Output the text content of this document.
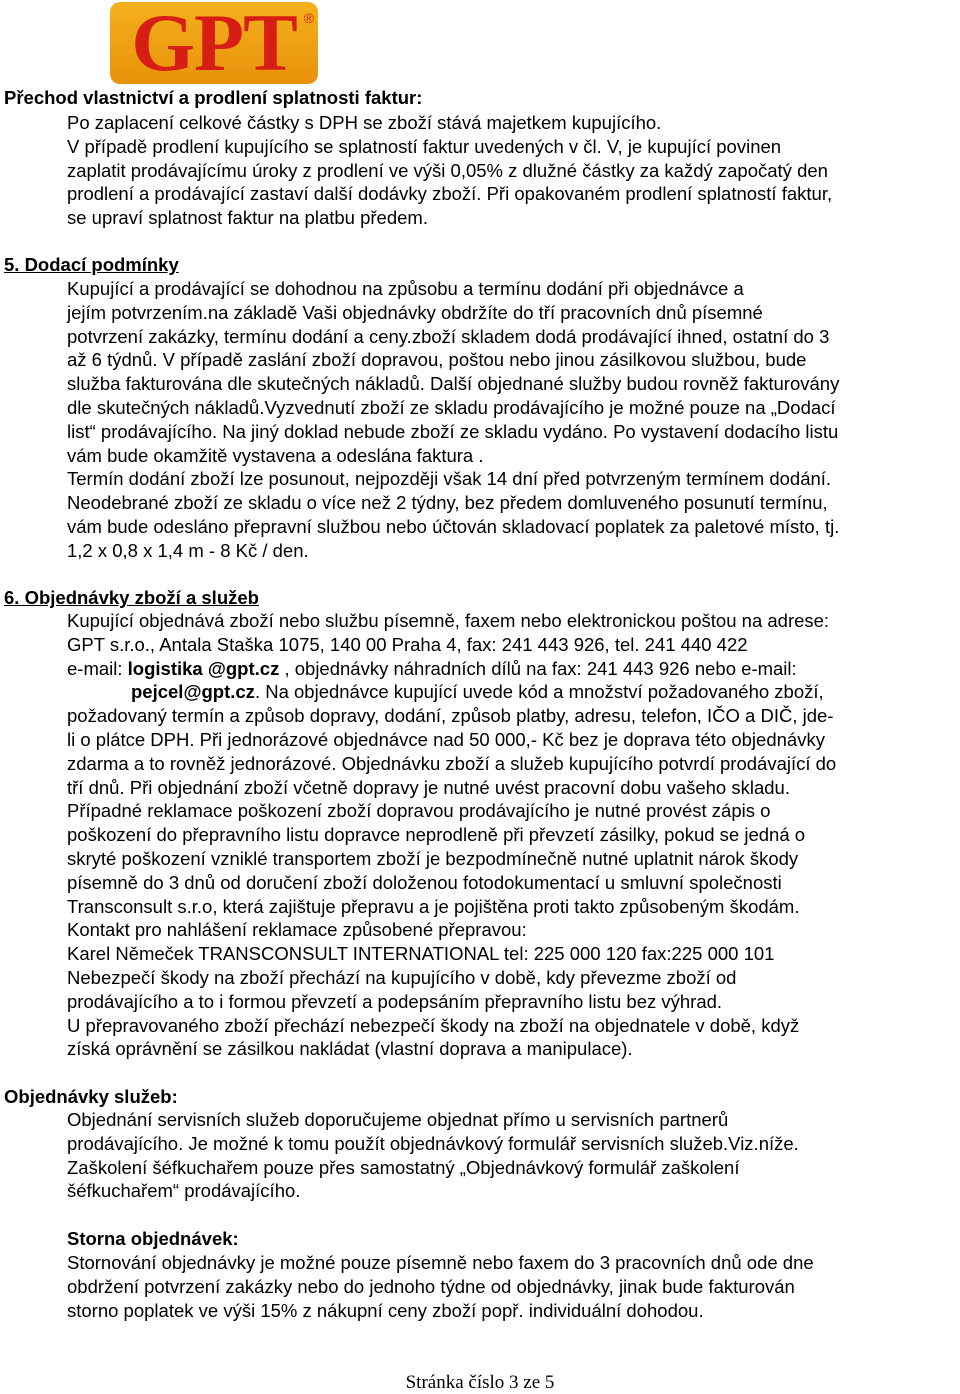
GPT ®
Přechod vlastnictví a prodlení splatnosti faktur:
Po zaplacení celkové částky s DPH se zboží stává majetkem kupujícího.
V případě prodlení kupujícího se splatností faktur uvedených v čl. V, je kupující povinen
zaplatit prodávajícímu úroky z prodlení ve výši 0,05% z dlužné částky za každý započatý den
prodlení a prodávající zastaví další dodávky zboží. Při opakovaném prodlení splatností faktur,
se upraví splatnost faktur na platbu předem.
5. Dodací podmínky
Kupující a prodávající se dohodnou na způsobu a termínu dodání při objednávce a
jejím potvrzením.na základě Vaši objednávky obdržíte do tří pracovních dnů písemné
potvrzení zakázky, termínu dodání a ceny.zboží skladem dodá prodávající ihned, ostatní do 3
až 6 týdnů. V případě zaslání zboží dopravou, poštou nebo jinou zásilkovou službou, bude
služba fakturována dle skutečných nákladů. Další objednané služby budou rovněž fakturovány
dle skutečných nákladů.Vyzvednutí zboží ze skladu prodávajícího je možné pouze na „Dodací
list“ prodávajícího. Na jiný doklad nebude zboží ze skladu vydáno. Po vystavení dodacího listu
vám bude okamžitě vystavena a odeslána faktura .
Termín dodání zboží lze posunout, nejpozději však 14 dní před potvrzeným termínem dodání.
Neodebrané zboží ze skladu o více než 2 týdny, bez předem domluveného posunutí termínu,
vám bude odesláno přepravní službou nebo účtován skladovací poplatek za paletové místo, tj.
1,2 x 0,8 x 1,4 m - 8 Kč / den.
6. Objednávky zboží a služeb
Kupující objednává zboží nebo službu písemně, faxem nebo elektronickou poštou na adrese:
GPT s.r.o., Antala Staška 1075, 140 00 Praha 4, fax: 241 443 926, tel. 241 440 422
e-mail: logistika @gpt.cz , objednávky náhradních dílů na fax: 241 443 926 nebo e-mail:
pejcel@gpt.cz. Na objednávce kupující uvede kód a množství požadovaného zboží,
požadovaný termín a způsob dopravy, dodání, způsob platby, adresu, telefon, IČO a DIČ, jde-
li o plátce DPH. Při jednorázové objednávce nad 50 000,- Kč bez je doprava této objednávky
zdarma a to rovněž jednorázové. Objednávku zboží a služeb kupujícího potvrdí prodávající do
tří dnů. Při objednání zboží včetně dopravy je nutné uvést pracovní dobu vašeho skladu.
Případné reklamace poškození zboží dopravou prodávajícího je nutné provést zápis o
poškození do přepravního listu dopravce neprodleně při převzetí zásilky, pokud se jedná o
skryté poškození vzniklé transportem zboží je bezpodmínečně nutné uplatnit nárok škody
písemně do 3 dnů od doručení zboží doloženou fotodokumentací u smluvní společnosti
Transconsult s.r.o, která zajištuje přepravu a je pojištěna proti takto způsobeným škodám.
Kontakt pro nahlášení reklamace způsobené přepravou:
Karel Němeček TRANSCONSULT INTERNATIONAL tel: 225 000 120 fax:225 000 101
Nebezpečí škody na zboží přechází na kupujícího v době, kdy převezme zboží od
prodávajícího a to i formou převzetí a podepsáním přepravního listu bez výhrad.
U přepravovaného zboží přechází nebezpečí škody na zboží na objednatele v době, když
získá oprávnění se zásilkou nakládat (vlastní doprava a manipulace).
Objednávky služeb:
Objednání servisních služeb doporučujeme objednat přímo u servisních partnerů
prodávajícího. Je možné k tomu použít objednávkový formulář servisních služeb.Viz.níže.
Zaškolení šéfkuchařem pouze přes samostatný „Objednávkový formulář zaškolení
šéfkuchařem“ prodávajícího.
Storna objednávek:
Stornování objednávky je možné pouze písemně nebo faxem do 3 pracovních dnů ode dne
obdržení potvrzení zakázky nebo do jednoho týdne od objednávky, jinak bude fakturován
storno poplatek ve výši 15% z nákupní ceny zboží popř. individuální dohodou.
Stránka číslo 3 ze 5
